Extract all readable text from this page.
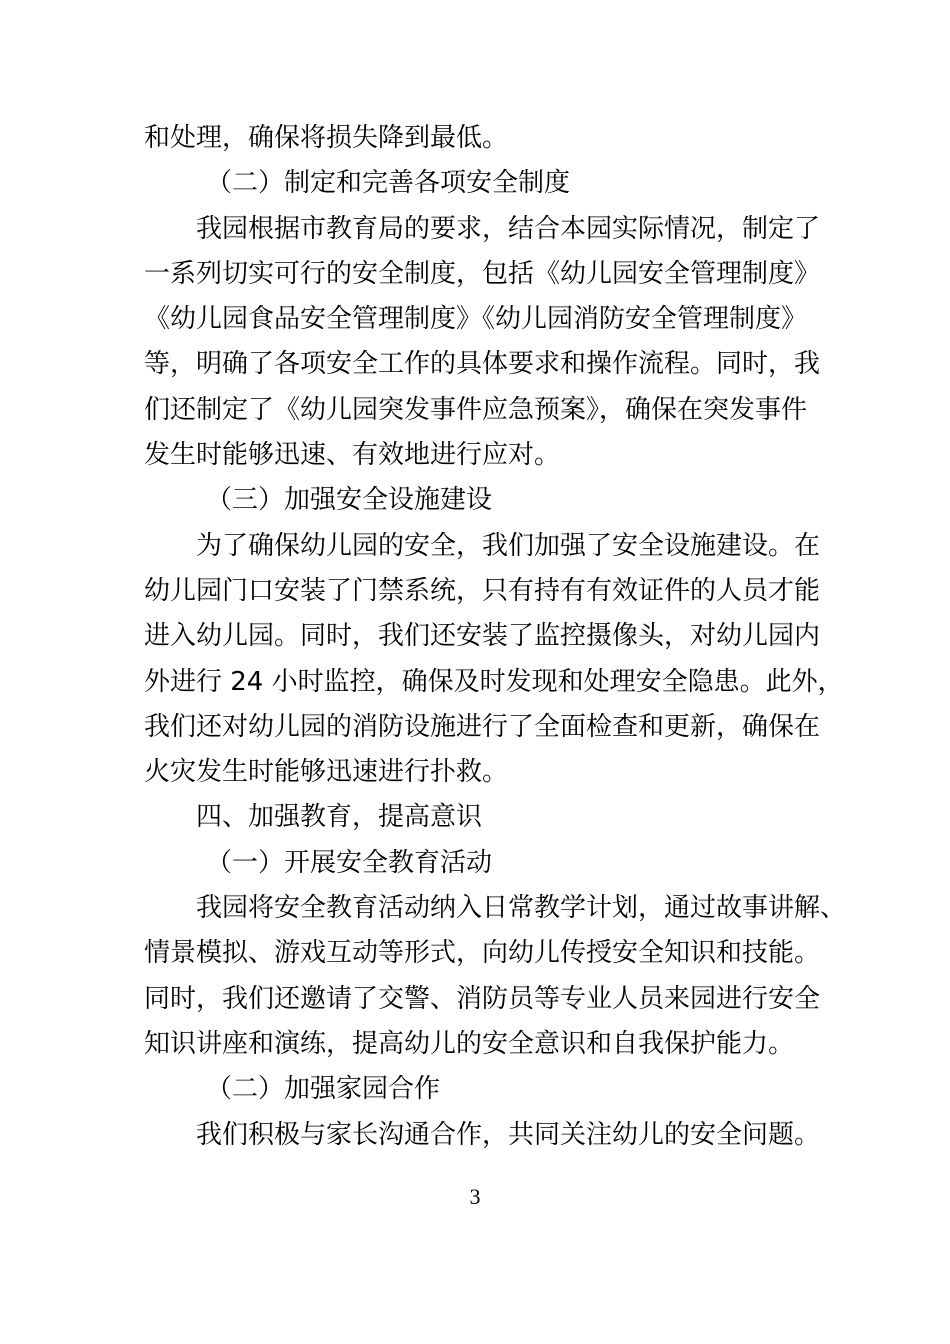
和处理，确保将损失降到最低。
（二）制定和完善各项安全制度
我园根据市教育局的要求，结合本园实际情况，制定了
一系列切实可行的安全制度，包括《幼儿园安全管理制度》
《幼儿园食品安全管理制度》《幼儿园消防安全管理制度》
等，明确了各项安全工作的具体要求和操作流程。同时，我
们还制定了《幼儿园突发事件应急预案》，确保在突发事件
发生时能够迅速、有效地进行应对。
（三）加强安全设施建设
为了确保幼儿园的安全，我们加强了安全设施建设。在
幼儿园门口安装了门禁系统，只有持有有效证件的人员才能
进入幼儿园。同时，我们还安装了监控摄像头，对幼儿园内
外进行 24 小时监控，确保及时发现和处理安全隐患。此外，
我们还对幼儿园的消防设施进行了全面检查和更新，确保在
火灾发生时能够迅速进行扑救。
四、加强教育，提高意识
（一）开展安全教育活动
我园将安全教育活动纳入日常教学计划，通过故事讲解、
情景模拟、游戏互动等形式，向幼儿传授安全知识和技能。
同时，我们还邀请了交警、消防员等专业人员来园进行安全
知识讲座和演练，提高幼儿的安全意识和自我保护能力。
（二）加强家园合作
我们积极与家长沟通合作，共同关注幼儿的安全问题。
3
